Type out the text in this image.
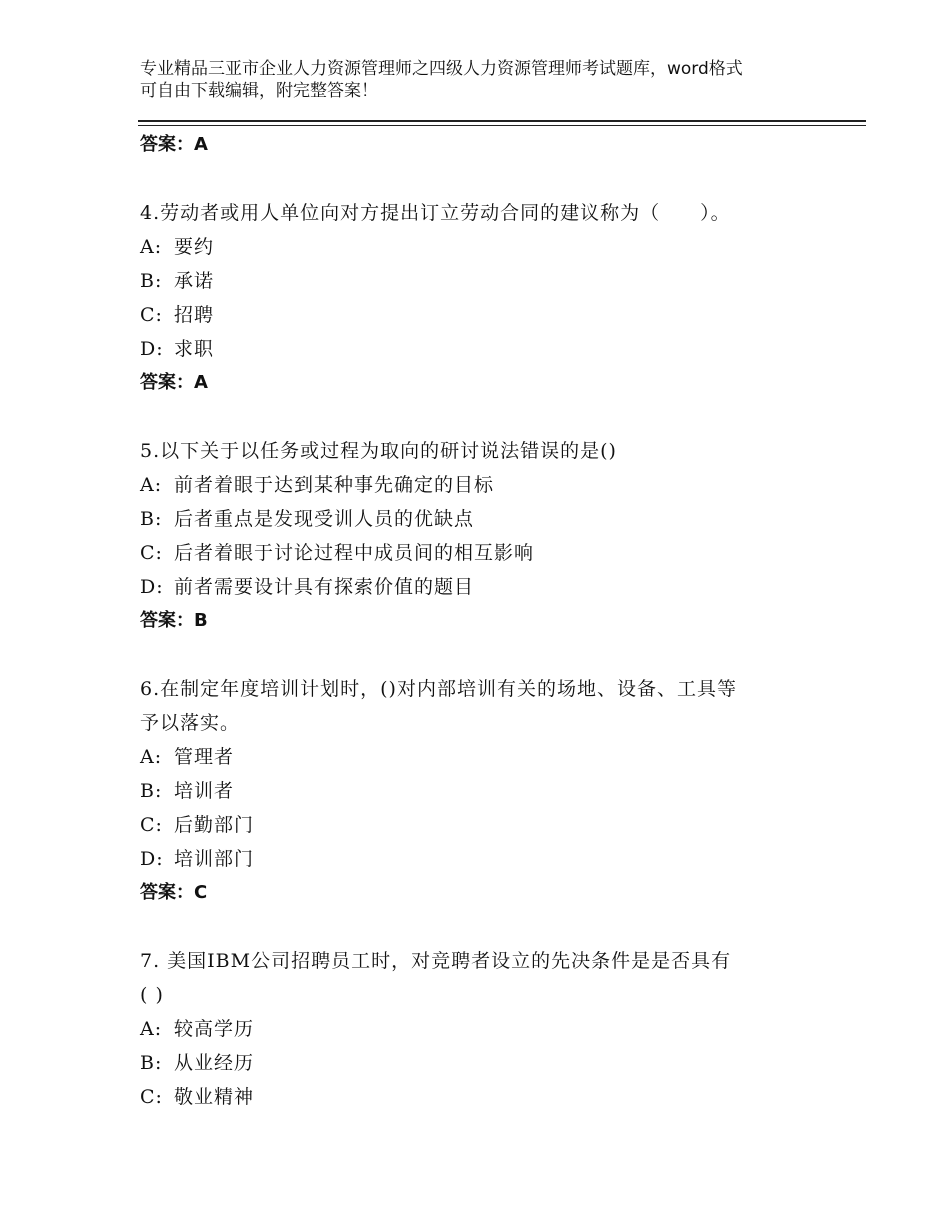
专业精品三亚市企业人力资源管理师之四级人力资源管理师考试题库，word格式
可自由下载编辑，附完整答案！
答案：A
4.劳动者或用人单位向对方提出订立劳动合同的建议称为（　　）。
A: 要约
B: 承诺
C: 招聘
D: 求职
答案：A
5.以下关于以任务或过程为取向的研讨说法错误的是()
A: 前者着眼于达到某种事先确定的目标
B: 后者重点是发现受训人员的优缺点
C: 后者着眼于讨论过程中成员间的相互影响
D: 前者需要设计具有探索价值的题目
答案：B
6.在制定年度培训计划时，()对内部培训有关的场地、设备、工具等
予以落实。
A: 管理者
B: 培训者
C: 后勤部门
D: 培训部门
答案：C
7. 美国IBM公司招聘员工时，对竞聘者设立的先决条件是是否具有
( )
A: 较高学历
B: 从业经历
C: 敬业精神
